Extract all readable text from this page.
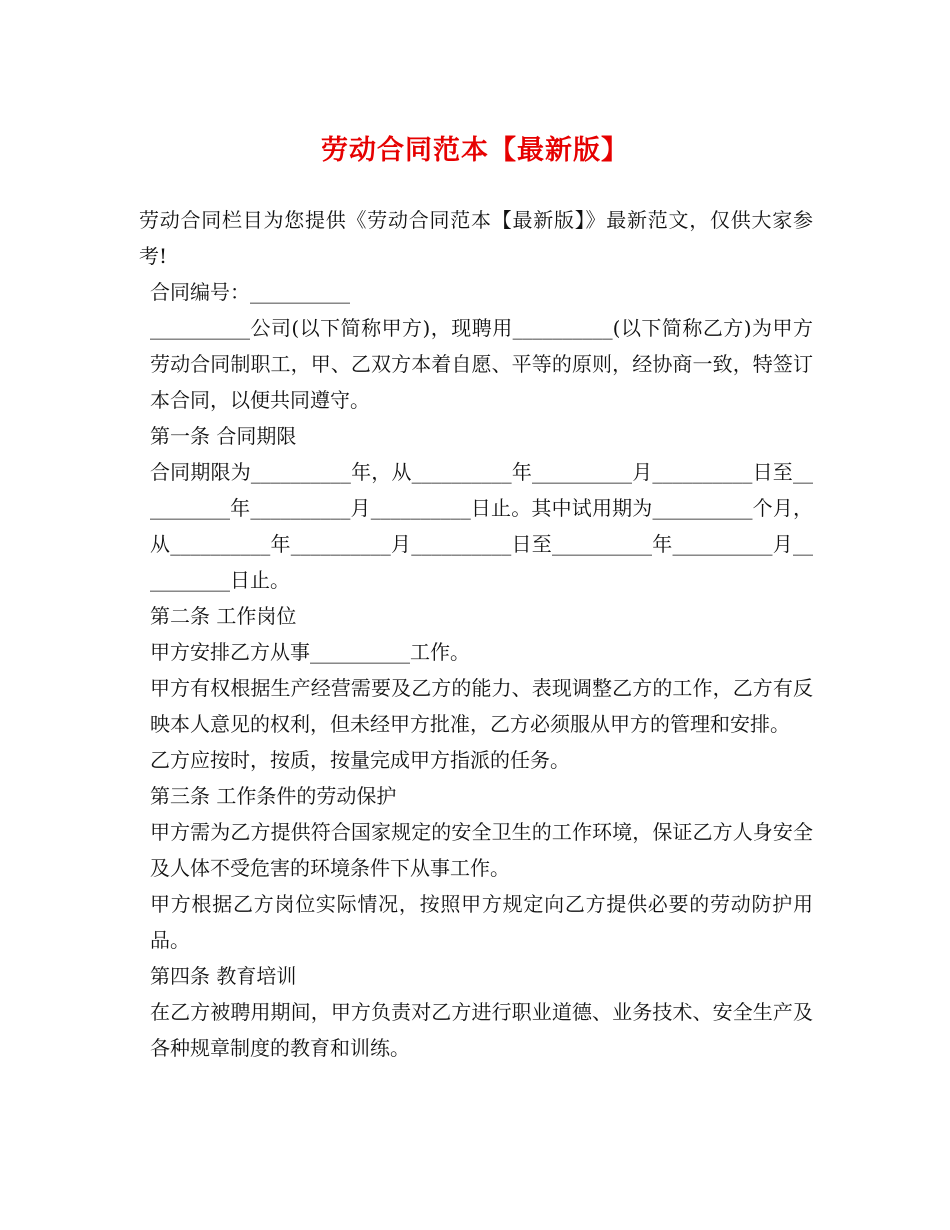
劳动合同范本【最新版】

劳动合同栏目为您提供《劳动合同范本【最新版】》最新范文，仅供大家参考!

合同编号：__________

__________公司(以下简称甲方)，现聘用__________(以下简称乙方)为甲方劳动合同制职工，甲、乙双方本着自愿、平等的原则，经协商一致，特签订本合同，以便共同遵守。

第一条 合同期限

合同期限为__________年，从__________年__________月__________日至__________年__________月__________日止。其中试用期为__________个月，从__________年__________月__________日至__________年__________月__________日止。

第二条 工作岗位

甲方安排乙方从事__________工作。

甲方有权根据生产经营需要及乙方的能力、表现调整乙方的工作，乙方有反映本人意见的权利，但未经甲方批准，乙方必须服从甲方的管理和安排。

乙方应按时，按质，按量完成甲方指派的任务。

第三条 工作条件的劳动保护

甲方需为乙方提供符合国家规定的安全卫生的工作环境，保证乙方人身安全及人体不受危害的环境条件下从事工作。

甲方根据乙方岗位实际情况，按照甲方规定向乙方提供必要的劳动防护用品。

第四条 教育培训

在乙方被聘用期间，甲方负责对乙方进行职业道德、业务技术、安全生产及各种规章制度的教育和训练。
